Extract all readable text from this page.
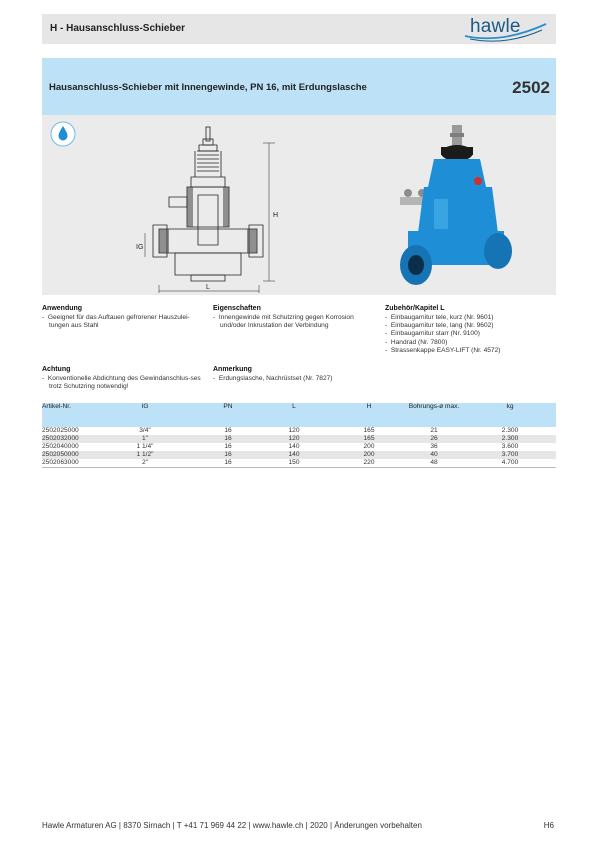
H - Hausanschluss-Schieber	hawle
Hausanschluss-Schieber mit Innengewinde, PN 16, mit Erdungslasche	2502
H
IG
L
Anwendung
-  Geeignet für das Auftauen gefrorener Hauszulei-tungen aus Stahl
Eigenschaften
-  Innengewinde mit Schutzring gegen Korrosion und/oder Inkrustation der Verbindung
Zubehör/Kapitel L
-  Einbaugarnitur tele, kurz (Nr. 9601)
-  Einbaugarnitur tele, lang (Nr. 9602)
-  Einbaugarnitur starr (Nr. 9100)
-  Handrad (Nr. 7800)
-  Strassenkappe EASY-LIFT (Nr. 4572)
Achtung
-  Konventionelle Abdichtung des Gewindanschlus-ses trotz Schutzring notwendig!
Anmerkung
-  Erdungslasche, Nachrüstset (Nr. 7827)
Artikel-Nr.	IG	PN	L	H	Bohrungs-ø max.	kg
2502025000	3/4"	16	120	165	21	2.300
2502032000	1"	16	120	165	26	2.300
2502040000	1 1/4"	16	140	200	36	3.600
2502050000	1 1/2"	16	140	200	40	3.700
2502063000	2"	16	150	220	48	4.700
Hawle Armaturen AG | 8370 Sirnach | T +41 71 969 44 22 | www.hawle.ch | 2020 | Änderungen vorbehalten	H6
